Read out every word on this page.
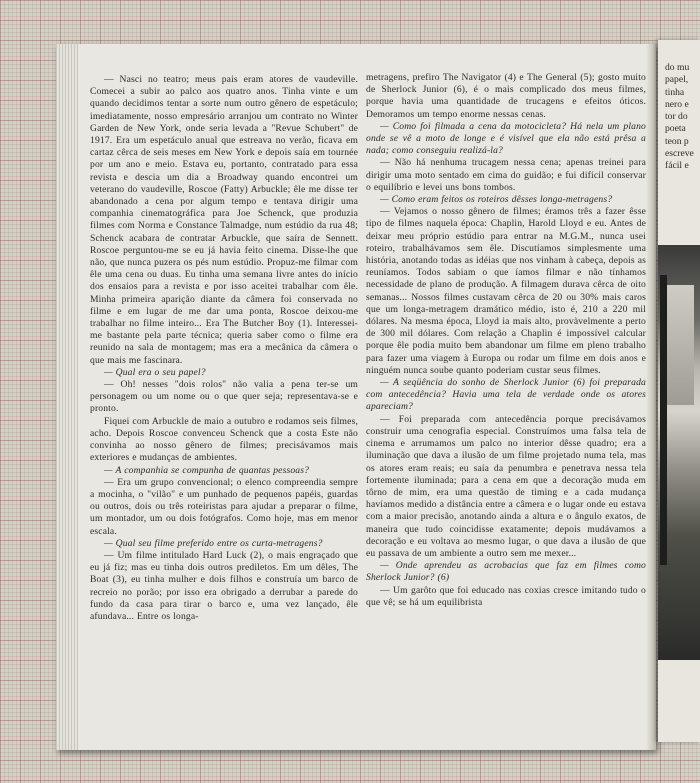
— Nasci no teatro; meus pais eram atores de vaudeville. Comecei a subir ao palco aos quatro anos. Tinha vinte e um quando decidimos tentar a sorte num outro gênero de espetáculo; imediatamente, nosso empresário arranjou um contrato no Winter Garden de New York, onde seria levada a "Revue Schubert" de 1917. Era um espetáculo anual que estreava no verão, ficava em cartaz cêrca de seis meses em New York e depois saía em tournée por um ano e meio. Estava eu, portanto, contratado para essa revista e descia um dia a Broadway quando encontrei um veterano do vaudeville, Roscoe (Fatty) Arbuckle; êle me disse ter abandonado a cena por algum tempo e tentava dirigir uma companhia cinematográfica para Joe Schenck, que produzia filmes com Norma e Constance Talmadge, num estúdio da rua 48; Schenck acabara de contratar Arbuckle, que saíra de Sennett. Roscoe perguntou-me se eu já havia feito cinema. Disse-lhe que não, que nunca puzera os pés num estúdio. Propuz-me filmar com êle uma cena ou duas. Eu tinha uma semana livre antes do início dos ensaios para a revista e por isso aceitei trabalhar com êle. Minha primeira aparição diante da câmera foi conservada no filme e em lugar de me dar uma ponta, Roscoe deixou-me trabalhar no filme inteiro... Era The Butcher Boy (1). Interessei-me bastante pela parte técnica; queria saber como o filme era reunido na sala de montagem; mas era a mecânica da câmera o que mais me fascinara.

— Qual era o seu papel?

— Oh! nesses "dois rolos" não valia a pena ter-se um personagem ou um nome ou o que quer seja; representava-se e pronto.

Fiquei com Arbuckle de maio a outubro e rodamos seis filmes, acho. Depois Roscoe convenceu Schenck que a costa Este não convinha ao nosso gênero de filmes; precisávamos mais exteriores e mudanças de ambientes.

— A companhia se compunha de quantas pessoas?

— Era um grupo convencional; o elenco compreendia sempre a mocinha, o "vilão" e um punhado de pequenos papéis, guardas ou outros, dois ou três roteiristas para ajudar a preparar o filme, um montador, um ou dois fotógrafos. Como hoje, mas em menor escala.

— Qual seu filme preferido entre os curta-metragens?

— Um filme intitulado Hard Luck (2), o mais engraçado que eu já fiz; mas eu tinha dois outros prediletos. Em um dêles, The Boat (3), eu tinha mulher e dois filhos e construía um barco de recreio no porão; por isso era obrigado a derrubar a parede do fundo da casa para tirar o barco e, uma vez lançado, êle afundava... Entre os longa-

metragens, prefiro The Navigator (4) e The General (5); gosto muito de Sherlock Junior (6), é o mais complicado dos meus filmes, porque havia uma quantidade de trucagens e efeitos óticos. Demoramos um tempo enorme nessas cenas.

— Como foi filmada a cena da motocicleta? Há nela um plano onde se vê a moto de longe e é visível que ela não está prêsa a nada; como conseguiu realizá-la?

— Não há nenhuma trucagem nessa cena; apenas treinei para dirigir uma moto sentado em cima do guidão; e fui difícil conservar o equilíbrio e levei uns bons tombos.

— Como eram feitos os roteiros dêsses longa-metragens?

— Vejamos o nosso gênero de filmes; éramos três a fazer êsse tipo de filmes naquela época: Chaplin, Harold Lloyd e eu. Antes de deixar meu próprio estúdio para entrar na M.G.M., nunca usei roteiro, trabalhávamos sem êle. Discutíamos simplesmente uma história, anotando todas as idéias que nos vinham à cabeça, depois as reuníamos. Todos sabiam o que íamos filmar e não tínhamos necessidade de plano de produção. A filmagem durava cêrca de oito semanas... Nossos filmes custavam cêrca de 20 ou 30% mais caros que um longa-metragem dramático médio, isto é, 210 a 220 mil dólares. Na mesma época, Lloyd ia mais alto, provàvelmente a perto de 300 mil dólares. Com relação a Chaplin é impossível calcular porque êle podia muito bem abandonar um filme em pleno trabalho para fazer uma viagem à Europa ou rodar um filme em dois anos e ninguém nunca soube quanto poderiam custar seus filmes.

— A seqüência do sonho de Sherlock Junior (6) foi preparada com antecedência? Havia uma tela de verdade onde os atores apareciam?

— Foi preparada com antecedência porque precisávamos construir uma cenografia especial. Construímos uma falsa tela de cinema e arrumamos um palco no interior dêsse quadro; era a iluminação que dava a ilusão de um filme projetado numa tela, mas os atores eram reais; eu saía da penumbra e penetrava nessa tela fortemente iluminada; para a cena em que a decoração muda em tôrno de mim, era uma questão de timing e a cada mudança havíamos medido a distância entre a câmera e o lugar onde eu estava com a maior precisão, anotando ainda a altura e o ângulo exatos, de maneira que tudo coincidisse exatamente; depois mudávamos a decoração e eu voltava ao mesmo lugar, o que dava a ilusão de que eu passava de um ambiente a outro sem me mexer...

— Onde aprendeu as acrobacias que faz em filmes como Sherlock Junior? (6)

— Um garôto que foi educado nas coxias cresce imitando tudo o que vê; se há um equilibrista

do mu
papel,
tinha
nero e
tor do
poeta
teon p
escreve
fácil e
